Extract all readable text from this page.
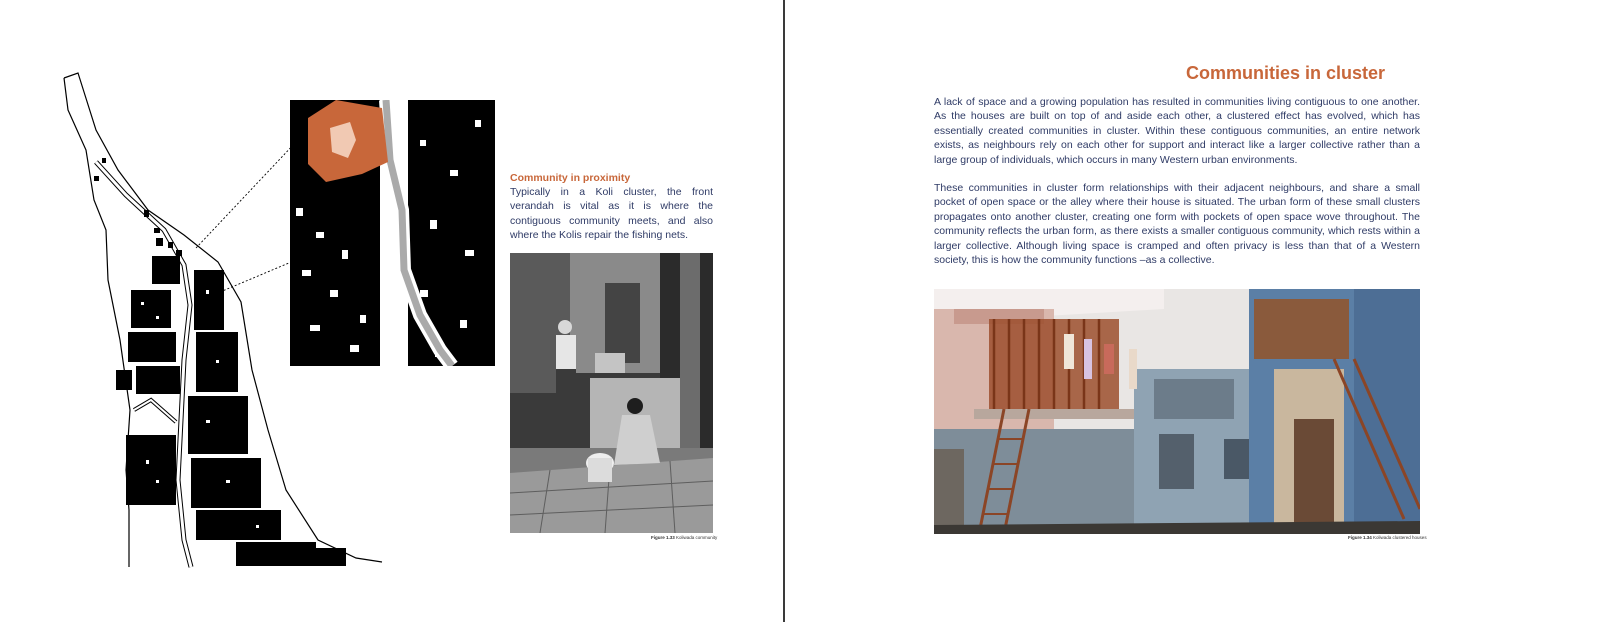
Community in proximity

Typically in a Koli cluster, the front verandah is vital as it is where the contiguous community meets, and also where the Kolis repair the fishing nets.

Figure 1.33 Koliwada community
Communities in cluster

A lack of space and a growing population has resulted in communities living contiguous to one another. As the houses are built on top of and aside each other, a clustered effect has evolved, which has essentially created communities in cluster. Within these contiguous communities, an entire network exists, as neighbours rely on each other for support and interact like a larger collective rather than a large group of individuals, which occurs in many Western urban environments.

These communities in cluster form relationships with their adjacent neighbours, and share a small pocket of open space or the alley where their house is situated. The urban form of these small clusters propagates onto another cluster, creating one form with pockets of open space wove throughout. The community reflects the urban form, as there exists a smaller contiguous community, which rests within a larger collective. Although living space is cramped and often privacy is less than that of a Western society, this is how the community functions –as a collective.

Figure 1.34 Koliwada clustered houses
